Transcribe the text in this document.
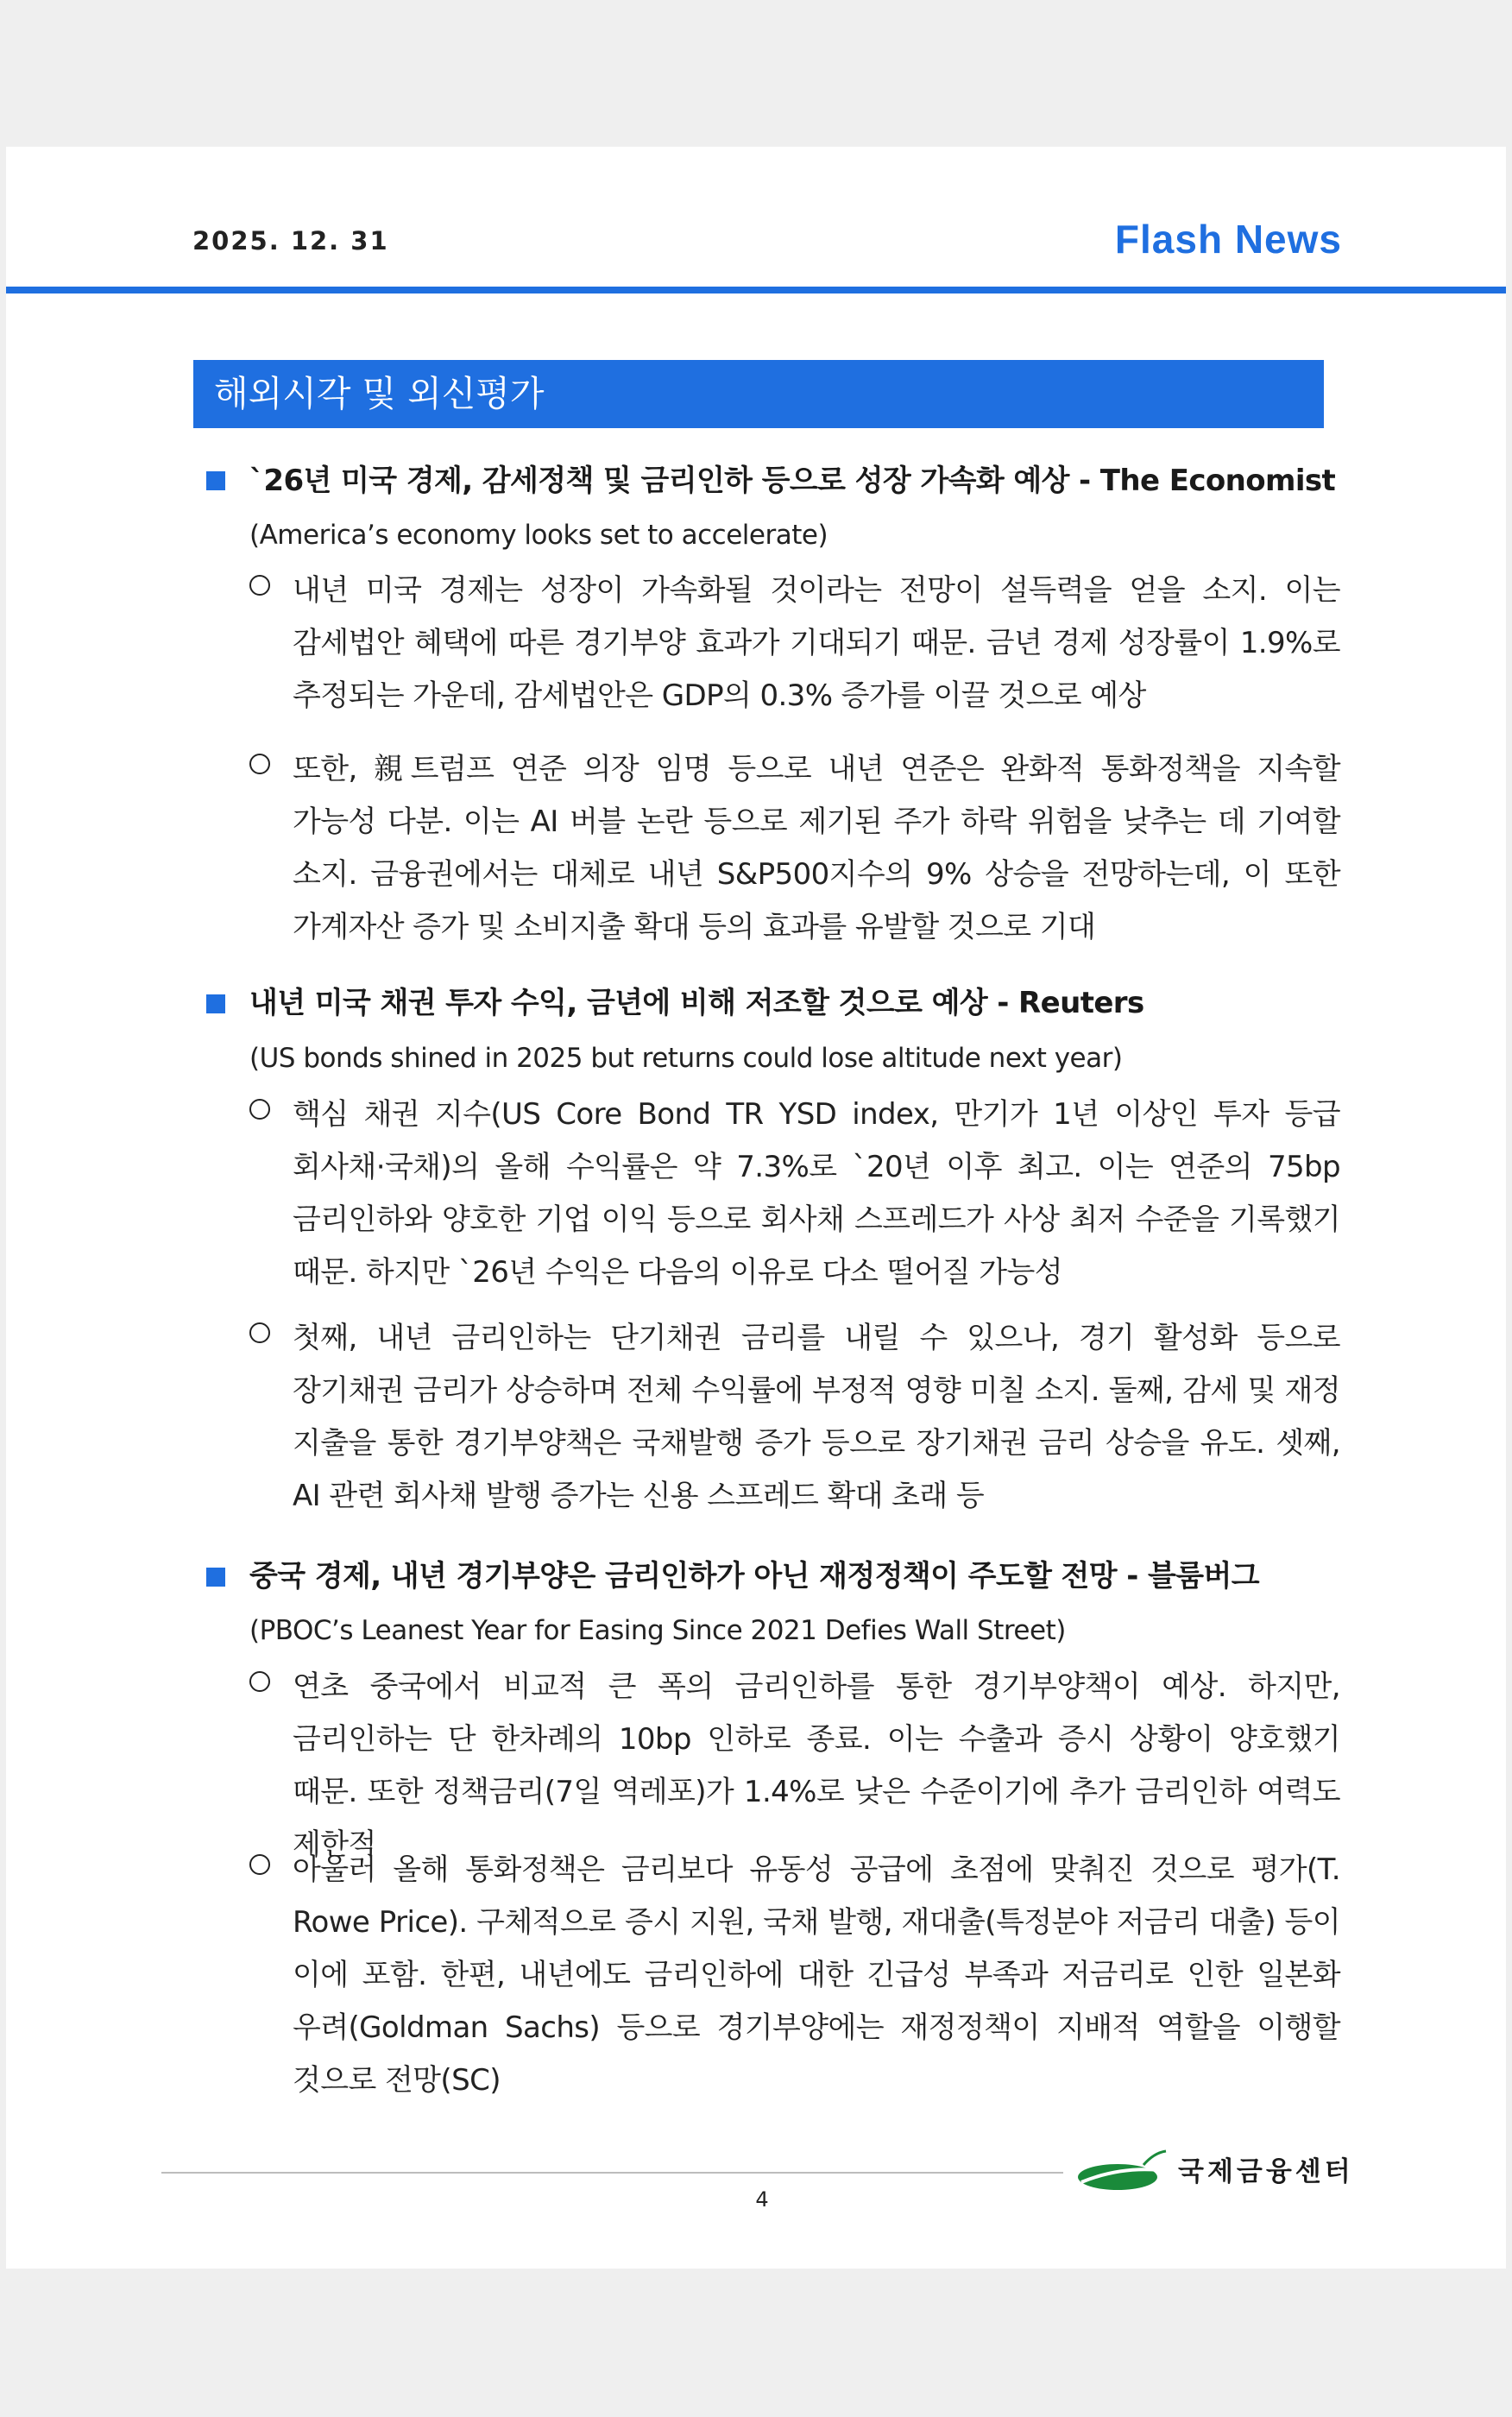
2025. 12. 31	Flash News
해외시각 및 외신평가
`26년 미국 경제, 감세정책 및 금리인하 등으로 성장 가속화 예상 - The Economist
(America’s economy looks set to accelerate)
내년 미국 경제는 성장이 가속화될 것이라는 전망이 설득력을 얻을 소지. 이는 감세법안 혜택에 따른 경기부양 효과가 기대되기 때문. 금년 경제 성장률이 1.9%로 추정되는 가운데, 감세법안은 GDP의 0.3% 증가를 이끌 것으로 예상
또한, 親트럼프 연준 의장 임명 등으로 내년 연준은 완화적 통화정책을 지속할 가능성 다분. 이는 AI 버블 논란 등으로 제기된 주가 하락 위험을 낮추는 데 기여할 소지. 금융권에서는 대체로 내년 S&P500지수의 9% 상승을 전망하는데, 이 또한 가계자산 증가 및 소비지출 확대 등의 효과를 유발할 것으로 기대
내년 미국 채권 투자 수익, 금년에 비해 저조할 것으로 예상 - Reuters
(US bonds shined in 2025 but returns could lose altitude next year)
핵심 채권 지수(US Core Bond TR YSD index, 만기가 1년 이상인 투자 등급 회사채·국채)의 올해 수익률은 약 7.3%로 `20년 이후 최고. 이는 연준의 75bp 금리인하와 양호한 기업 이익 등으로 회사채 스프레드가 사상 최저 수준을 기록했기 때문. 하지만 `26년 수익은 다음의 이유로 다소 떨어질 가능성
첫째, 내년 금리인하는 단기채권 금리를 내릴 수 있으나, 경기 활성화 등으로 장기채권 금리가 상승하며 전체 수익률에 부정적 영향 미칠 소지. 둘째, 감세 및 재정 지출을 통한 경기부양책은 국채발행 증가 등으로 장기채권 금리 상승을 유도. 셋째, AI 관련 회사채 발행 증가는 신용 스프레드 확대 초래 등
중국 경제, 내년 경기부양은 금리인하가 아닌 재정정책이 주도할 전망 - 블룸버그
(PBOC’s Leanest Year for Easing Since 2021 Defies Wall Street)
연초 중국에서 비교적 큰 폭의 금리인하를 통한 경기부양책이 예상. 하지만, 금리인하는 단 한차례의 10bp 인하로 종료. 이는 수출과 증시 상황이 양호했기 때문. 또한 정책금리(7일 역레포)가 1.4%로 낮은 수준이기에 추가 금리인하 여력도 제한적
아울러 올해 통화정책은 금리보다 유동성 공급에 초점에 맞춰진 것으로 평가(T. Rowe Price). 구체적으로 증시 지원, 국채 발행, 재대출(특정분야 저금리 대출) 등이 이에 포함. 한편, 내년에도 금리인하에 대한 긴급성 부족과 저금리로 인한 일본화 우려(Goldman Sachs) 등으로 경기부양에는 재정정책이 지배적 역할을 이행할 것으로 전망(SC)
국제금융센터
4
